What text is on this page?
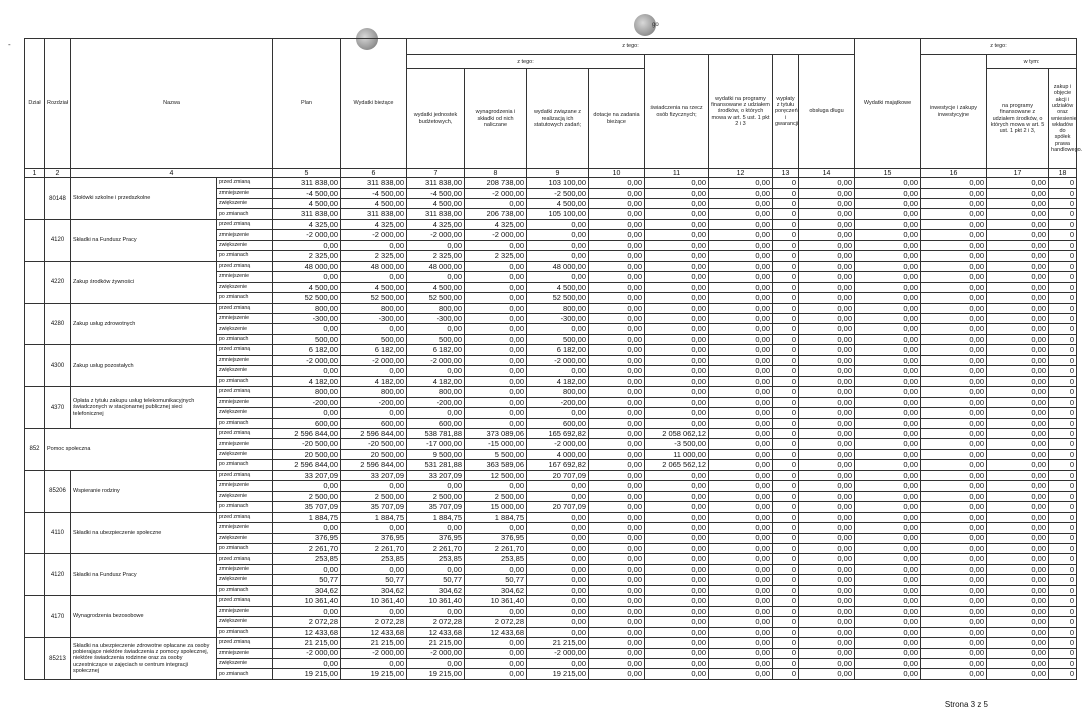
-
go
Dział	Rozdział	Nazwa		Plan	Wydatki bieżące	z tego:								Wydatki majątkowe	z tego:		
						z tego:				świadczenia na rzecz osób fizycznych;	wydatki na programy finansowane z udziałem środków, o których mowa w art. 5 ust. 1 pkt 2 i 3	wypłaty z tytułu poręczeń i gwarancji	obsługa długu		inwestycje i zakupy inwestycyjne	w tym:	
						wydatki jednostek budżetowych,	wynagrodzenia i składki od nich naliczane	wydatki związane z realizacją ich statutowych zadań;	dotacje na zadania bieżące							na programy finansowane z udziałem środków, o których mowa w art. 5 ust. 1 pkt 2 i 3,	zakup i objęcie akcji i udziałów oraz wniesienie wkładów do spółek prawa handlowego.
1	2	4		5	6	7	8	9	10	11	12	13	14	15	16	17	18
	80148	Stołówki szkolne i przedszkolne	przed zmianą	311 838,00	311 838,00	311 838,00	208 738,00	103 100,00	0,00	0,00	0,00	0	0,00	0,00	0,00	0,00	0
			zmniejszenie	-4 500,00	-4 500,00	-4 500,00	-2 000,00	-2 500,00	0,00	0,00	0,00	0	0,00	0,00	0,00	0,00	0
			zwiększenie	4 500,00	4 500,00	4 500,00	0,00	4 500,00	0,00	0,00	0,00	0	0,00	0,00	0,00	0,00	0
			po zmianach	311 838,00	311 838,00	311 838,00	206 738,00	105 100,00	0,00	0,00	0,00	0	0,00	0,00	0,00	0,00	0
	4120	Składki na Fundusz Pracy	przed zmianą	4 325,00	4 325,00	4 325,00	4 325,00	0,00	0,00	0,00	0,00	0	0,00	0,00	0,00	0,00	0
			zmniejszenie	-2 000,00	-2 000,00	-2 000,00	-2 000,00	0,00	0,00	0,00	0,00	0	0,00	0,00	0,00	0,00	0
			zwiększenie	0,00	0,00	0,00	0,00	0,00	0,00	0,00	0,00	0	0,00	0,00	0,00	0,00	0
			po zmianach	2 325,00	2 325,00	2 325,00	2 325,00	0,00	0,00	0,00	0,00	0	0,00	0,00	0,00	0,00	0
	4220	Zakup środków żywności	przed zmianą	48 000,00	48 000,00	48 000,00	0,00	48 000,00	0,00	0,00	0,00	0	0,00	0,00	0,00	0,00	0
			zmniejszenie	0,00	0,00	0,00	0,00	0,00	0,00	0,00	0,00	0	0,00	0,00	0,00	0,00	0
			zwiększenie	4 500,00	4 500,00	4 500,00	0,00	4 500,00	0,00	0,00	0,00	0	0,00	0,00	0,00	0,00	0
			po zmianach	52 500,00	52 500,00	52 500,00	0,00	52 500,00	0,00	0,00	0,00	0	0,00	0,00	0,00	0,00	0
	4280	Zakup usług zdrowotnych	przed zmianą	800,00	800,00	800,00	0,00	800,00	0,00	0,00	0,00	0	0,00	0,00	0,00	0,00	0
			zmniejszenie	-300,00	-300,00	-300,00	0,00	-300,00	0,00	0,00	0,00	0	0,00	0,00	0,00	0,00	0
			zwiększenie	0,00	0,00	0,00	0,00	0,00	0,00	0,00	0,00	0	0,00	0,00	0,00	0,00	0
			po zmianach	500,00	500,00	500,00	0,00	500,00	0,00	0,00	0,00	0	0,00	0,00	0,00	0,00	0
	4300	Zakup usług pozostałych	przed zmianą	6 182,00	6 182,00	6 182,00	0,00	6 182,00	0,00	0,00	0,00	0	0,00	0,00	0,00	0,00	0
			zmniejszenie	-2 000,00	-2 000,00	-2 000,00	0,00	-2 000,00	0,00	0,00	0,00	0	0,00	0,00	0,00	0,00	0
			zwiększenie	0,00	0,00	0,00	0,00	0,00	0,00	0,00	0,00	0	0,00	0,00	0,00	0,00	0
			po zmianach	4 182,00	4 182,00	4 182,00	0,00	4 182,00	0,00	0,00	0,00	0	0,00	0,00	0,00	0,00	0
	4370	Opłata z tytułu zakupu usług telekomunikacyjnych świadczonych w stacjonarnej publicznej sieci telefonicznej	przed zmianą	800,00	800,00	800,00	0,00	800,00	0,00	0,00	0,00	0	0,00	0,00	0,00	0,00	0
			zmniejszenie	-200,00	-200,00	-200,00	0,00	-200,00	0,00	0,00	0,00	0	0,00	0,00	0,00	0,00	0
			zwiększenie	0,00	0,00	0,00	0,00	0,00	0,00	0,00	0,00	0	0,00	0,00	0,00	0,00	0
			po zmianach	600,00	600,00	600,00	0,00	600,00	0,00	0,00	0,00	0	0,00	0,00	0,00	0,00	0
852	Pomoc społeczna		przed zmianą	2 596 844,00	2 596 844,00	538 781,88	373 089,06	165 692,82	0,00	2 058 062,12	0,00	0	0,00	0,00	0,00	0,00	0
			zmniejszenie	-20 500,00	-20 500,00	-17 000,00	-15 000,00	-2 000,00	0,00	-3 500,00	0,00	0	0,00	0,00	0,00	0,00	0
			zwiększenie	20 500,00	20 500,00	9 500,00	5 500,00	4 000,00	0,00	11 000,00	0,00	0	0,00	0,00	0,00	0,00	0
			po zmianach	2 596 844,00	2 596 844,00	531 281,88	363 589,06	167 692,82	0,00	2 065 562,12	0,00	0	0,00	0,00	0,00	0,00	0
	85206	Wspieranie rodziny	przed zmianą	33 207,09	33 207,09	33 207,09	12 500,00	20 707,09	0,00	0,00	0,00	0	0,00	0,00	0,00	0,00	0
			zmniejszenie	0,00	0,00	0,00	0,00	0,00	0,00	0,00	0,00	0	0,00	0,00	0,00	0,00	0
			zwiększenie	2 500,00	2 500,00	2 500,00	2 500,00	0,00	0,00	0,00	0,00	0	0,00	0,00	0,00	0,00	0
			po zmianach	35 707,09	35 707,09	35 707,09	15 000,00	20 707,09	0,00	0,00	0,00	0	0,00	0,00	0,00	0,00	0
	4110	Składki na ubezpieczenie społeczne	przed zmianą	1 884,75	1 884,75	1 884,75	1 884,75	0,00	0,00	0,00	0,00	0	0,00	0,00	0,00	0,00	0
			zmniejszenie	0,00	0,00	0,00	0,00	0,00	0,00	0,00	0,00	0	0,00	0,00	0,00	0,00	0
			zwiększenie	376,95	376,95	376,95	376,95	0,00	0,00	0,00	0,00	0	0,00	0,00	0,00	0,00	0
			po zmianach	2 261,70	2 261,70	2 261,70	2 261,70	0,00	0,00	0,00	0,00	0	0,00	0,00	0,00	0,00	0
	4120	Składki na Fundusz Pracy	przed zmianą	253,85	253,85	253,85	253,85	0,00	0,00	0,00	0,00	0	0,00	0,00	0,00	0,00	0
			zmniejszenie	0,00	0,00	0,00	0,00	0,00	0,00	0,00	0,00	0	0,00	0,00	0,00	0,00	0
			zwiększenie	50,77	50,77	50,77	50,77	0,00	0,00	0,00	0,00	0	0,00	0,00	0,00	0,00	0
			po zmianach	304,62	304,62	304,62	304,62	0,00	0,00	0,00	0,00	0	0,00	0,00	0,00	0,00	0
	4170	Wynagrodzenia bezosobowe	przed zmianą	10 361,40	10 361,40	10 361,40	10 361,40	0,00	0,00	0,00	0,00	0	0,00	0,00	0,00	0,00	0
			zmniejszenie	0,00	0,00	0,00	0,00	0,00	0,00	0,00	0,00	0	0,00	0,00	0,00	0,00	0
			zwiększenie	2 072,28	2 072,28	2 072,28	2 072,28	0,00	0,00	0,00	0,00	0	0,00	0,00	0,00	0,00	0
			po zmianach	12 433,68	12 433,68	12 433,68	12 433,68	0,00	0,00	0,00	0,00	0	0,00	0,00	0,00	0,00	0
	85213	Składki na ubezpieczenie zdrowotne opłacane za osoby pobierające niektóre świadczenia z pomocy społecznej, niektóre świadczenia rodzinne oraz za osoby uczestniczące w zajęciach w centrum integracji społecznej	przed zmianą	21 215,00	21 215,00	21 215,00	0,00	21 215,00	0,00	0,00	0,00	0	0,00	0,00	0,00	0,00	0
			zmniejszenie	-2 000,00	-2 000,00	-2 000,00	0,00	-2 000,00	0,00	0,00	0,00	0	0,00	0,00	0,00	0,00	0
			zwiększenie	0,00	0,00	0,00	0,00	0,00	0,00	0,00	0,00	0	0,00	0,00	0,00	0,00	0
			po zmianach	19 215,00	19 215,00	19 215,00	0,00	19 215,00	0,00	0,00	0,00	0	0,00	0,00	0,00	0,00	0
Strona 3 z 5
